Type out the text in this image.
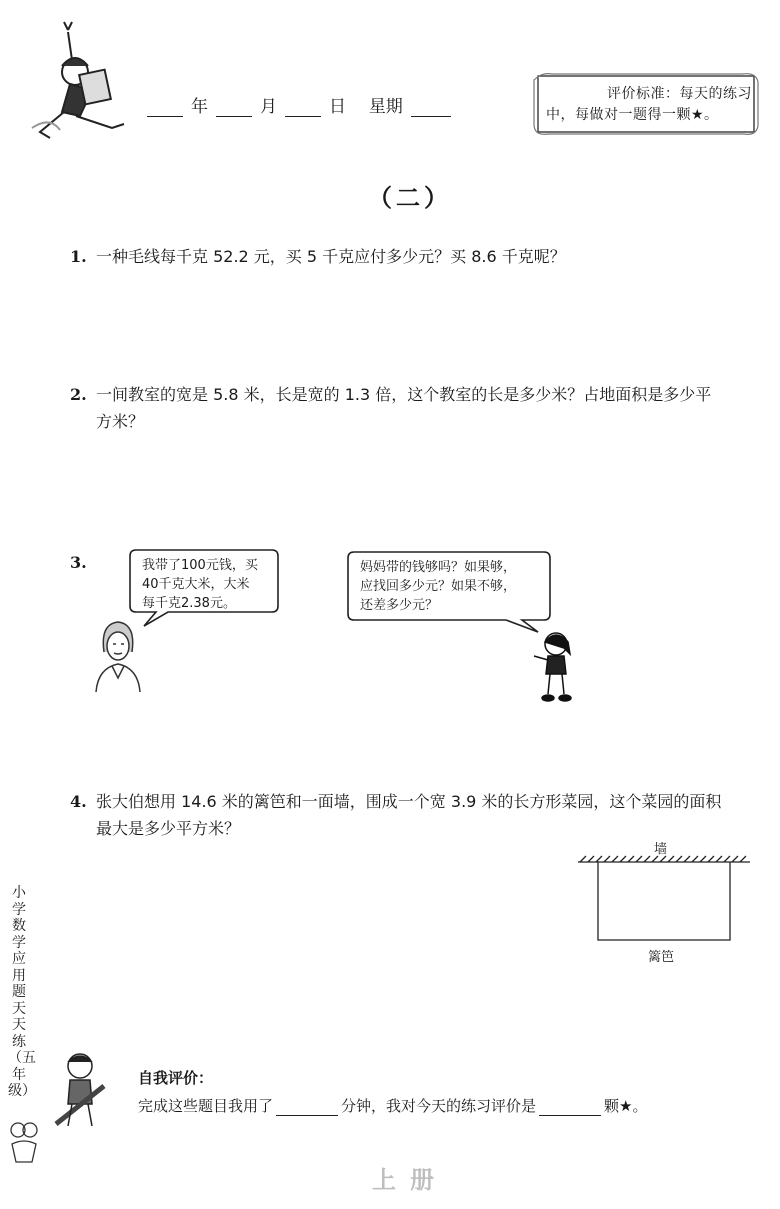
年	月	日 星期
评价标准：每天的练习
中，每做对一题得一颗★。
（二）
1. 一种毛线每千克 52.2 元，买 5 千克应付多少元？买 8.6 千克呢？
2. 一间教室的宽是 5.8 米，长是宽的 1.3 倍，这个教室的长是多少米？占地面积是多少平
方米？
3.	我带了100元钱，买
40千克大米，大米
每千克2.38元。
妈妈带的钱够吗？如果够，
应找回多少元？如果不够，
还差多少元？
4. 张大伯想用 14.6 米的篱笆和一面墙，围成一个宽 3.9 米的长方形菜园，这个菜园的面积
最大是多少平方米？
墙
篱笆
小学数学应用题天天练（五年级）
自我评价：
完成这些题目我用了	分钟，我对今天的练习评价是	颗★。
上册
